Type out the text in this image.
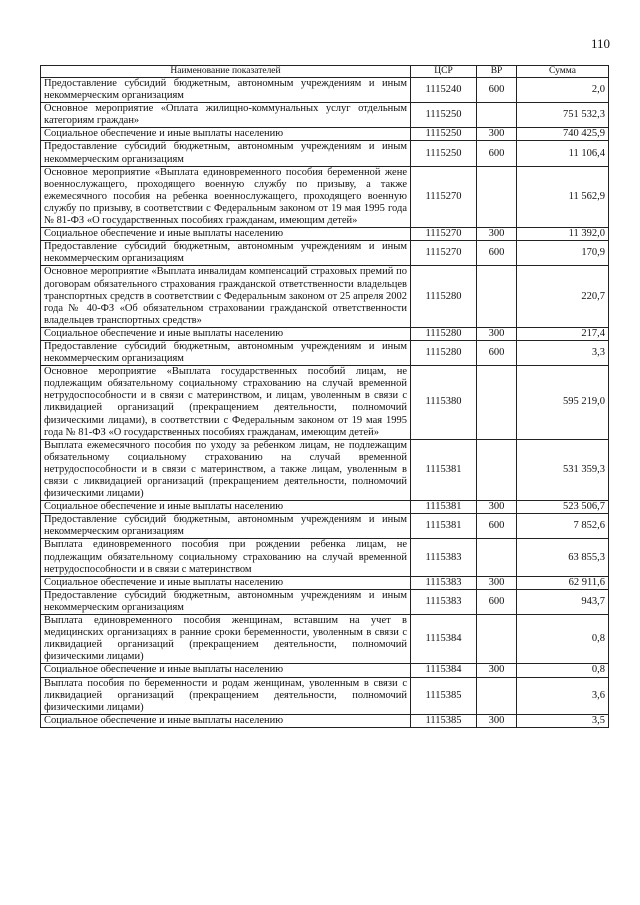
110
Наименование показателей	ЦСР	ВР	Сумма
Предоставление субсидий бюджетным, автономным учреждениям и иным некоммерческим организациям	1115240	600	2,0
Основное мероприятие «Оплата жилищно-коммунальных услуг отдельным категориям граждан»	1115250		751 532,3
Социальное обеспечение и иные выплаты населению	1115250	300	740 425,9
Предоставление субсидий бюджетным, автономным учреждениям и иным некоммерческим организациям	1115250	600	11 106,4
Основное мероприятие «Выплата единовременного пособия беременной жене военнослужащего, проходящего военную службу по призыву, а также ежемесячного пособия на ребенка военнослужащего, проходящего военную службу по призыву, в соответствии с Федеральным законом от 19 мая 1995 года № 81-ФЗ «О государственных пособиях гражданам, имеющим детей»	1115270		11 562,9
Социальное обеспечение и иные выплаты населению	1115270	300	11 392,0
Предоставление субсидий бюджетным, автономным учреждениям и иным некоммерческим организациям	1115270	600	170,9
Основное мероприятие «Выплата инвалидам компенсаций страховых премий по договорам обязательного страхования гражданской ответственности владельцев транспортных средств в соответствии с Федеральным законом от 25 апреля 2002 года № 40-ФЗ «Об обязательном страховании гражданской ответственности владельцев транспортных средств»	1115280		220,7
Социальное обеспечение и иные выплаты населению	1115280	300	217,4
Предоставление субсидий бюджетным, автономным учреждениям и иным некоммерческим организациям	1115280	600	3,3
Основное мероприятие «Выплата государственных пособий лицам, не подлежащим обязательному социальному страхованию на случай временной нетрудоспособности и в связи с материнством, и лицам, уволенным в связи с ликвидацией организаций (прекращением деятельности, полномочий физическими лицами), в соответствии с Федеральным законом от 19 мая 1995 года № 81-ФЗ «О государственных пособиях гражданам, имеющим детей»	1115380		595 219,0
Выплата ежемесячного пособия по уходу за ребенком лицам, не подлежащим обязательному социальному страхованию на случай временной нетрудоспособности и в связи с материнством, а также лицам, уволенным в связи с ликвидацией организаций (прекращением деятельности, полномочий физическими лицами)	1115381		531 359,3
Социальное обеспечение и иные выплаты населению	1115381	300	523 506,7
Предоставление субсидий бюджетным, автономным учреждениям и иным некоммерческим организациям	1115381	600	7 852,6
Выплата единовременного пособия при рождении ребенка лицам, не подлежащим обязательному социальному страхованию на случай временной нетрудоспособности и в связи с материнством	1115383		63 855,3
Социальное обеспечение и иные выплаты населению	1115383	300	62 911,6
Предоставление субсидий бюджетным, автономным учреждениям и иным некоммерческим организациям	1115383	600	943,7
Выплата единовременного пособия женщинам, вставшим на учет в медицинских организациях в ранние сроки беременности, уволенным в связи с ликвидацией организаций (прекращением деятельности, полномочий физическими лицами)	1115384		0,8
Социальное обеспечение и иные выплаты населению	1115384	300	0,8
Выплата пособия по беременности и родам женщинам, уволенным в связи с ликвидацией организаций (прекращением деятельности, полномочий физическими лицами)	1115385		3,6
Социальное обеспечение и иные выплаты населению	1115385	300	3,5
